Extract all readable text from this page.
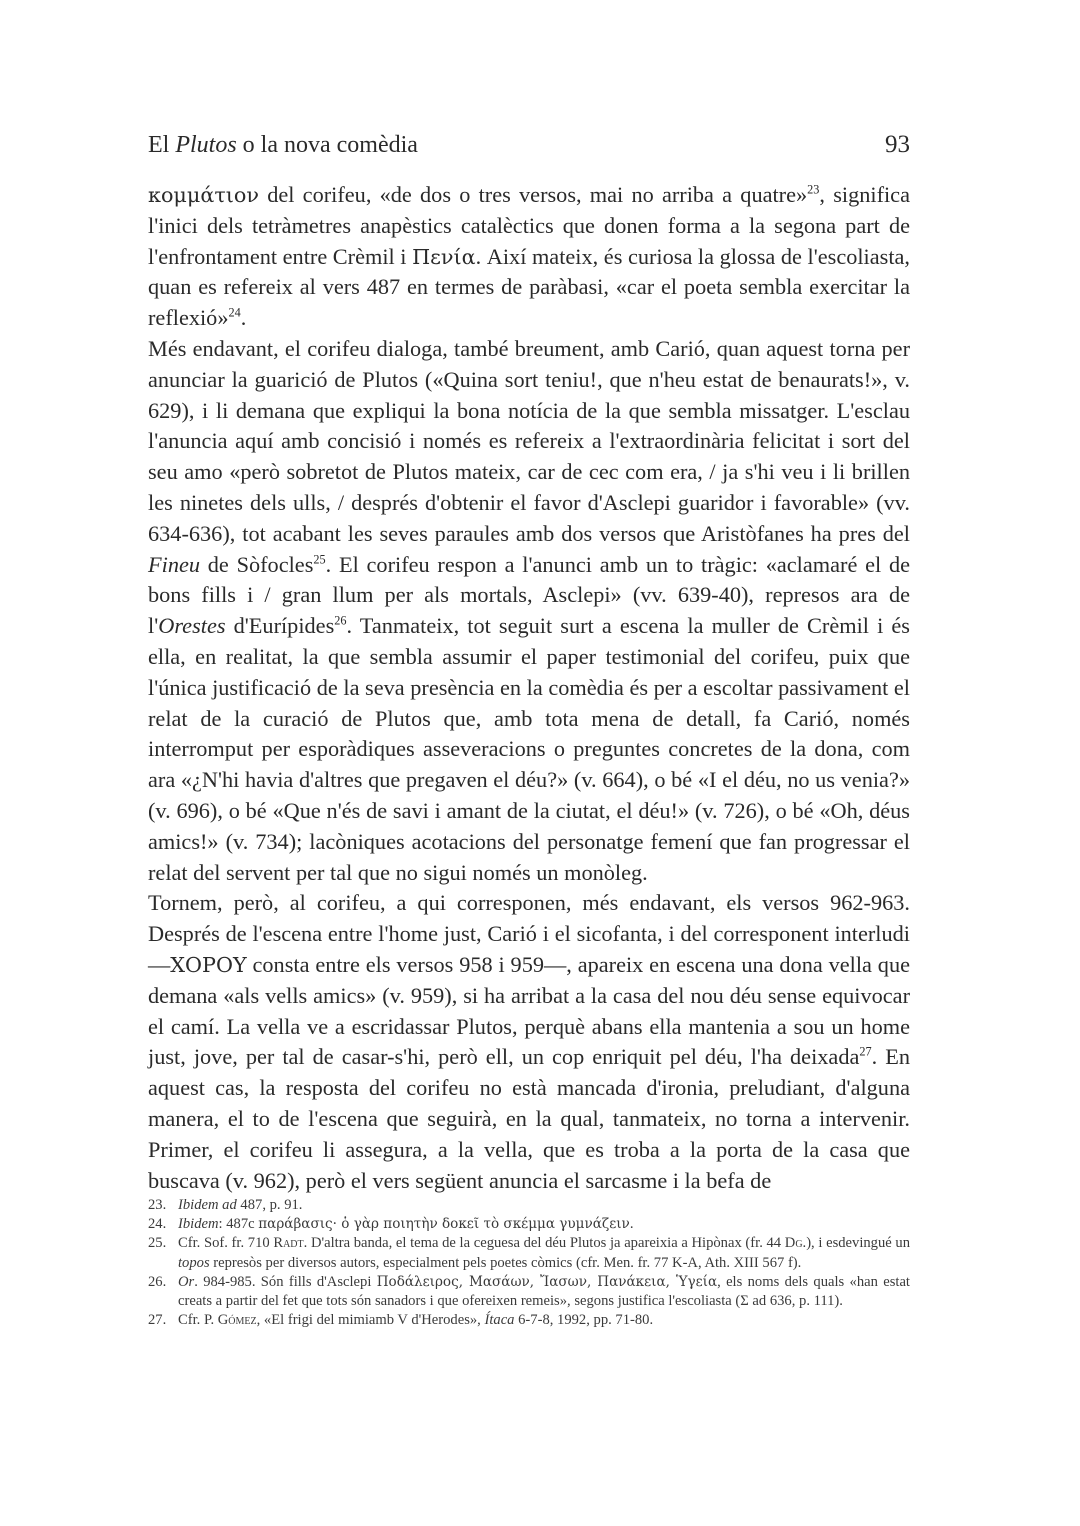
El Plutos o la nova comèdia	93

κομμάτιον del corifeu, «de dos o tres versos, mai no arriba a quatre»$^{23}$, significa l'inici dels tetràmetres anapèstics catalèctics que donen forma a la segona part de l'enfrontament entre Crèmil i Πενία. Així mateix, és curiosa la glossa de l'escoliasta, quan es refereix al vers 487 en termes de paràbasi, «car el poeta sembla exercitar la reflexió»$^{24}$.

Més endavant, el corifeu dialoga, també breument, amb Carió, quan aquest torna per anunciar la guarició de Plutos («Quina sort teniu!, que n'heu estat de benaurats!», v. 629), i li demana que expliqui la bona notícia de la que sembla missatger. L'esclau l'anuncia aquí amb concisió i només es refereix a l'extraordinària felicitat i sort del seu amo «però sobretot de Plutos mateix, car de cec com era, / ja s'hi veu i li brillen les ninetes dels ulls, / després d'obtenir el favor d'Asclepi guaridor i favorable» (vv. 634-636), tot acabant les seves paraules amb dos versos que Aristòfanes ha pres del Fineu de Sòfocles$^{25}$. El corifeu respon a l'anunci amb un to tràgic: «aclamaré el de bons fills i / gran llum per als mortals, Asclepi» (vv. 639-40), represos ara de l'Orestes d'Eurípides$^{26}$. Tanmateix, tot seguit surt a escena la muller de Crèmil i és ella, en realitat, la que sembla assumir el paper testimonial del corifeu, puix que l'única justificació de la seva presència en la comèdia és per a escoltar passivament el relat de la curació de Plutos que, amb tota mena de detall, fa Carió, només interromput per esporàdiques asseveracions o preguntes concretes de la dona, com ara «¿N'hi havia d'altres que pregaven el déu?» (v. 664), o bé «I el déu, no us venia?» (v. 696), o bé «Que n'és de savi i amant de la ciutat, el déu!» (v. 726), o bé «Oh, déus amics!» (v. 734); lacòniques acotacions del personatge femení que fan progressar el relat del servent per tal que no sigui només un monòleg.

Tornem, però, al corifeu, a qui corresponen, més endavant, els versos 962-963. Després de l'escena entre l'home just, Carió i el sicofanta, i del corresponent interludi —ΧΟΡΟΥ consta entre els versos 958 i 959—, apareix en escena una dona vella que demana «als vells amics» (v. 959), si ha arribat a la casa del nou déu sense equivocar el camí. La vella ve a escridassar Plutos, perquè abans ella mantenia a sou un home just, jove, per tal de casar-s'hi, però ell, un cop enriquit pel déu, l'ha deixada$^{27}$. En aquest cas, la resposta del corifeu no està mancada d'ironia, preludiant, d'alguna manera, el to de l'escena que seguirà, en la qual, tanmateix, no torna a intervenir. Primer, el corifeu li assegura, a la vella, que es troba a la porta de la casa que buscava (v. 962), però el vers següent anuncia el sarcasme i la befa de

23. Ibidem ad 487, p. 91.
24. Ibidem: 487c παράβασις· ὁ γὰρ ποιητὴν δοκεῖ τὸ σκέμμα γυμνάζειν.
25. Cfr. Sof. fr. 710 Radt. D'altra banda, el tema de la ceguesa del déu Plutos ja apareixia a Hipònax (fr. 44 Dg.), i esdevingué un topos represòs per diversos autors, especialment pels poetes còmics (cfr. Men. fr. 77 K-A, Ath. XIII 567 f).
26. Or. 984-985. Són fills d'Asclepi Ποδάλειρος, Μασάων, Ἴασων, Πανάκεια, Ὑγεία, els noms dels quals «han estat creats a partir del fet que tots són sanadors i que ofereixen remeis», segons justifica l'escoliasta (Σ ad 636, p. 111).
27. Cfr. P. Gómez, «El frigi del mimiamb V d'Herodes», Ítaca 6-7-8, 1992, pp. 71-80.
